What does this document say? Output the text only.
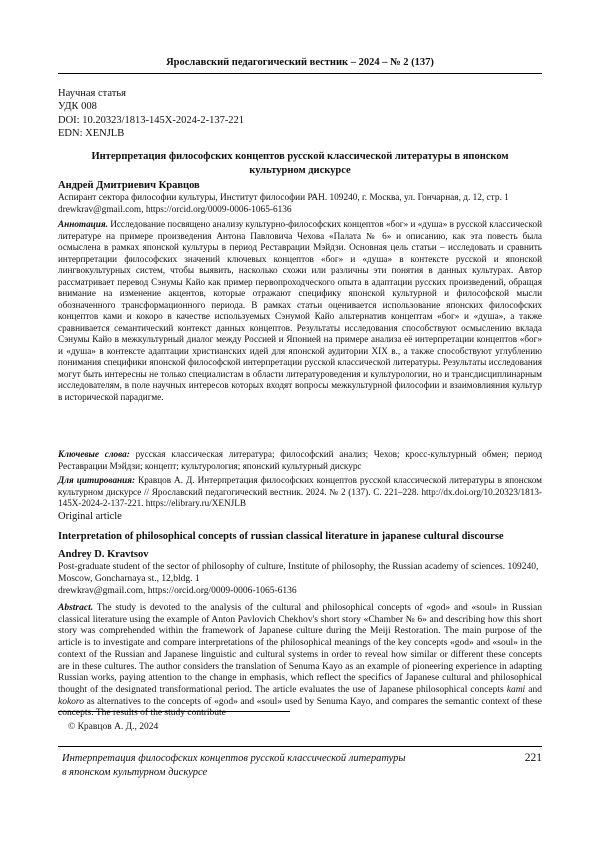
Ярославский педагогический вестник – 2024 – № 2 (137)
Научная статья
УДК 008
DOI: 10.20323/1813-145X-2024-2-137-221
EDN: XENJLB
Интерпретация философских концептов русской классической литературы в японском культурном дискурсе
Андрей Дмитриевич Кравцов
Аспирант сектора философии культуры, Институт философии РАН. 109240, г. Москва, ул. Гончарная, д. 12, стр. 1
drewkrav@gmail.com, https://orcid.org/0009-0006-1065-6136
Аннотация. Исследование посвящено анализу культурно-философских концептов «бог» и «душа» в русской классической литературе на примере произведения Антона Павловича Чехова «Палата № 6» и описанию, как эта повесть была осмыслена в рамках японской культуры в период Реставрации Мэйдзи. Основная цель статьи – исследовать и сравнить интерпретации философских значений ключевых концептов «бог» и «душа» в контексте русской и японской лингвокультурных систем, чтобы выявить, насколько схожи или различны эти понятия в данных культурах. Автор рассматривает перевод Сэнумы Кайо как пример первопроходческого опыта в адаптации русских произведений, обращая внимание на изменение акцентов, которые отражают специфику японской культурной и философской мысли обозначенного трансформационного периода. В рамках статьи оценивается использование японских философских концептов ками и кокоро в качестве используемых Сэнумой Кайо альтернатив концептам «бог» и «душа», а также сравнивается семантический контекст данных концептов. Результаты исследования способствуют осмыслению вклада Сэнумы Кайо в межкультурный диалог между Россией и Японией на примере анализа её интерпретации концептов «бог» и «душа» в контексте адаптации христианских идей для японской аудитории XIX в., а также способствуют углублению понимания специфики японской философской интерпретации русской классической литературы. Результаты исследования могут быть интересны не только специалистам в области литературоведения и культурологии, но и трансдисциплинарным исследователям, в поле научных интересов которых входят вопросы межкультурной философии и взаимовлияния культур в исторической парадигме.
Ключевые слова: русская классическая литература; философский анализ; Чехов; кросс-культурный обмен; период Реставрации Мэйдзи; концепт; культурология; японский культурный дискурс
Для цитирования: Кравцов А. Д. Интерпретация философских концептов русской классической литературы в японском культурном дискурсе // Ярославский педагогический вестник. 2024. № 2 (137). С. 221–228. http://dx.doi.org/10.20323/1813-145X-2024-2-137-221. https://elibrary.ru/XENJLB
Original article
Interpretation of philosophical concepts of russian classical literature in japanese cultural discourse
Andrey D. Kravtsov
Post-graduate student of the sector of philosophy of culture, Institute of philosophy, the Russian academy of sciences. 109240, Moscow, Goncharnaya st., 12,bldg. 1
drewkrav@gmail.com, https://orcid.org/0009-0006-1065-6136
Abstract. The study is devoted to the analysis of the cultural and philosophical concepts of «god» and «soul» in Russian classical literature using the example of Anton Pavlovich Chekhov's short story «Chamber № 6» and describing how this short story was comprehended within the framework of Japanese culture during the Meiji Restoration. The main purpose of the article is to investigate and compare interpretations of the philosophical meanings of the key concepts «god» and «soul» in the context of the Russian and Japanese linguistic and cultural systems in order to reveal how similar or different these concepts are in these cultures. The author considers the translation of Senuma Kayo as an example of pioneering experience in adapting Russian works, paying attention to the change in emphasis, which reflect the specifics of Japanese cultural and philosophical thought of the designated transformational period. The article evaluates the use of Japanese philosophical concepts kami and kokoro as alternatives to the concepts of «god» and «soul» used by Senuma Kayo, and compares the semantic context of these concepts. The results of the study contribute
© Кравцов А. Д., 2024
Интерпретация философских концептов русской классической литературы
в японском культурном дискурсе
221
